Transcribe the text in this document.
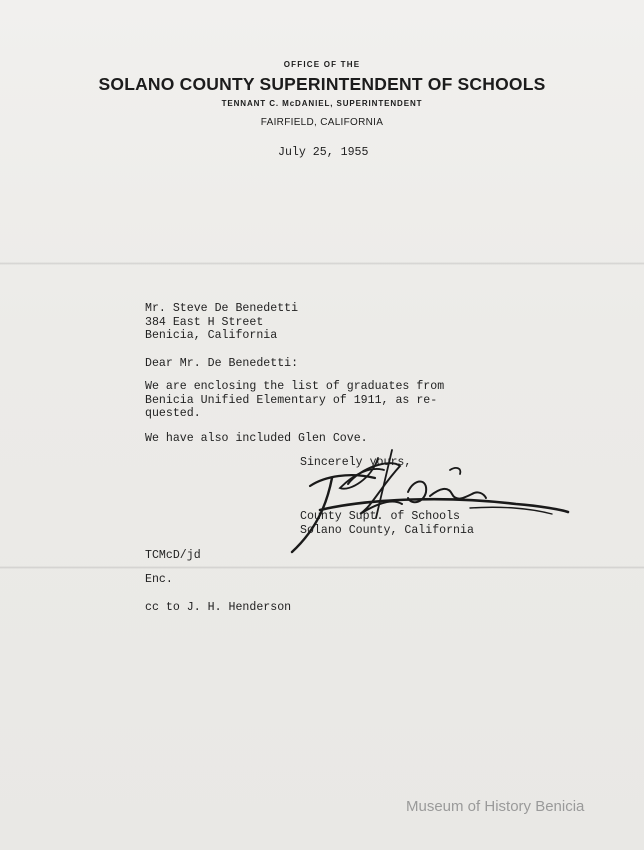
OFFICE OF THE
SOLANO COUNTY SUPERINTENDENT OF SCHOOLS
TENNANT C. McDANIEL, SUPERINTENDENT
FAIRFIELD, CALIFORNIA
July 25, 1955
Mr. Steve De Benedetti
384 East H Street
Benicia, California
Dear Mr. De Benedetti:
We are enclosing the list of graduates from
Benicia Unified Elementary of 1911, as re-
quested.
We have also included Glen Cove.
Sincerely yours,
County Supt. of Schools
Solano County, California
TCMcD/jd
Enc.
cc to J. H. Henderson
Museum of History Benicia
